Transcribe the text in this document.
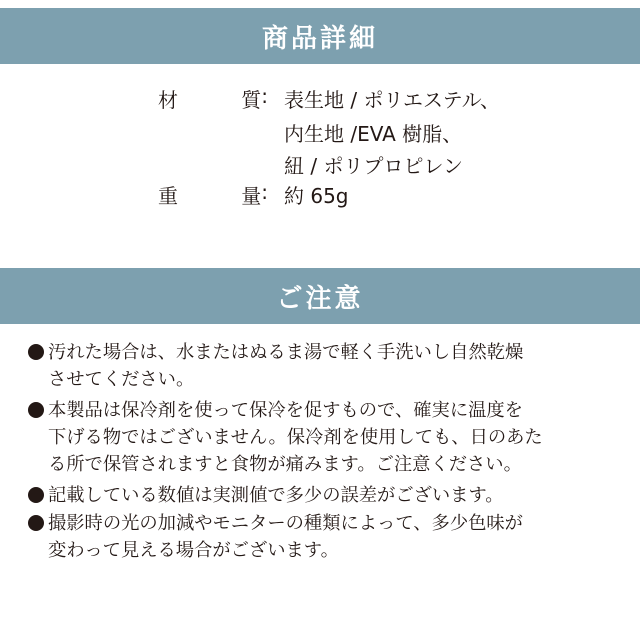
商品詳細
材	質 : 表生地 / ポリエステル、
内生地 /EVA 樹脂、
紐 / ポリプロピレン
重	量 : 約 65g
ご注意
汚れた場合は、水またはぬるま湯で軽く手洗いし自然乾燥
させてください。
本製品は保冷剤を使って保冷を促すもので、確実に温度を
下げる物ではございません。保冷剤を使用しても、日のあた
る所で保管されますと食物が痛みます。ご注意ください。
記載している数値は実測値で多少の誤差がございます。
撮影時の光の加減やモニターの種類によって、多少色味が
変わって見える場合がございます。
